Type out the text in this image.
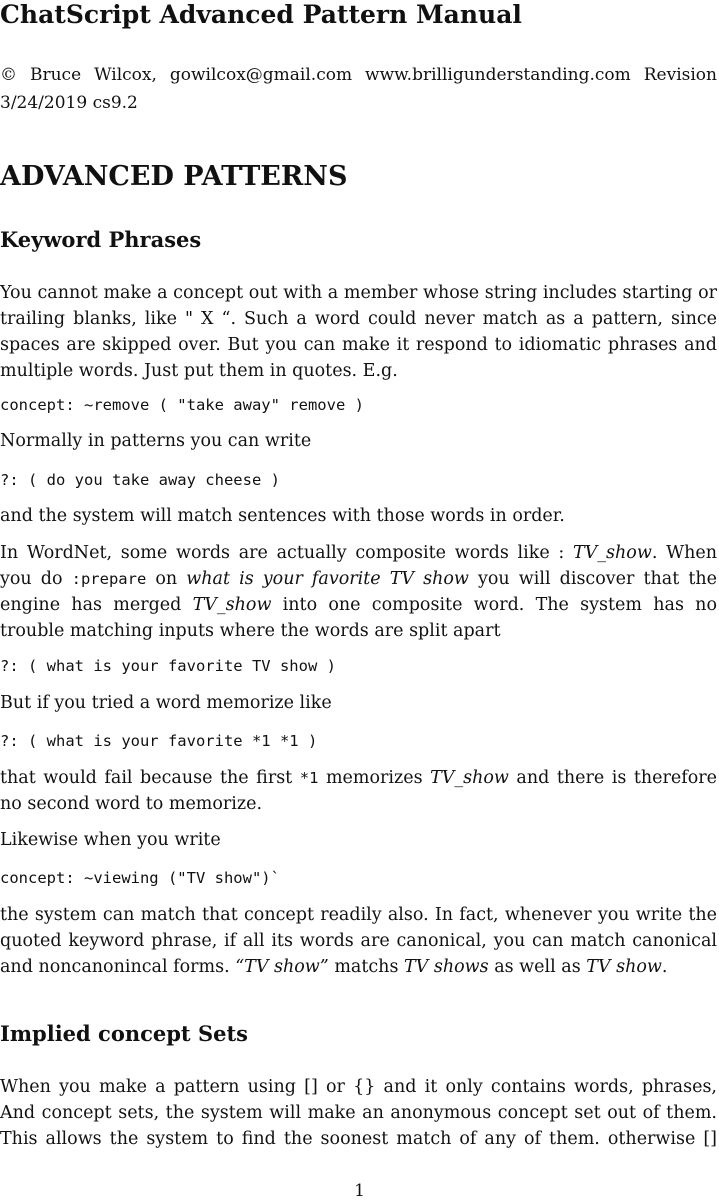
ChatScript Advanced Pattern Manual

© Bruce Wilcox, gowilcox@gmail.com www.brilligunderstanding.com Revision
3/24/2019 cs9.2

ADVANCED PATTERNS
Keyword Phrases

You cannot make a concept out with a member whose string includes starting or
trailing blanks, like " X “. Such a word could never match as a pattern, since
spaces are skipped over. But you can make it respond to idiomatic phrases and
multiple words. Just put them in quotes. E.g.

concept: ~remove ( "take away" remove )

Normally in patterns you can write

?: ( do you take away cheese )

and the system will match sentences with those words in order.

In WordNet, some words are actually composite words like : TV_show. When
you do :prepare on what is your favorite TV show you will discover that the
engine has merged TV_show into one composite word. The system has no
trouble matching inputs where the words are split apart

?: ( what is your favorite TV show )

But if you tried a word memorize like

?: ( what is your favorite *1 *1 )

that would fail because the first *1 memorizes TV_show and there is therefore
no second word to memorize.

Likewise when you write

concept: ~viewing ("TV show")`

the system can match that concept readily also. In fact, whenever you write the
quoted keyword phrase, if all its words are canonical, you can match canonical
and noncanonincal forms. “TV show” matchs TV shows as well as TV show.

Implied concept Sets

When you make a pattern using [] or {} and it only contains words, phrases,
And concept sets, the system will make an anonymous concept set out of them.
This allows the system to find the soonest match of any of them. otherwise []

1
